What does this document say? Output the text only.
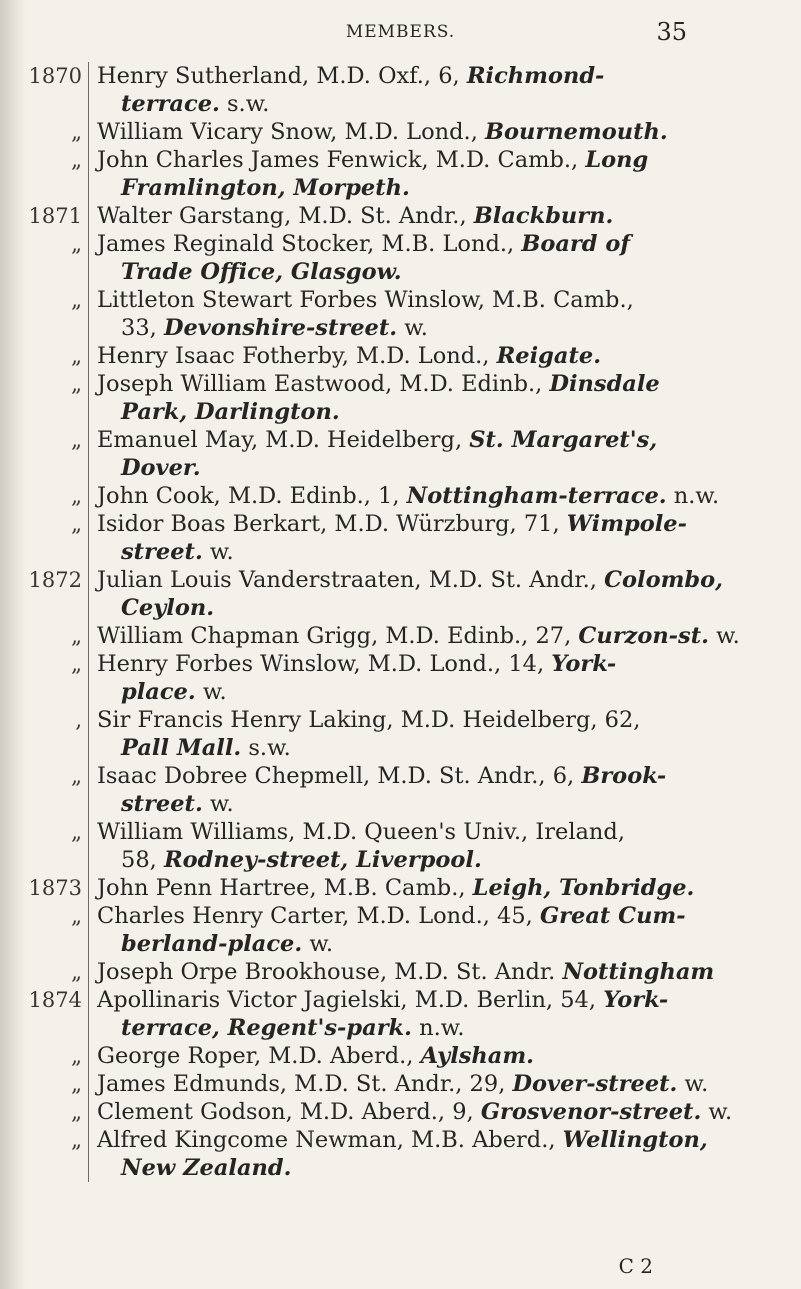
MEMBERS.	35
1870 Henry Sutherland, M.D. Oxf., 6, Richmond-
terrace. s.w.
„ William Vicary Snow, M.D. Lond., Bournemouth.
„ John Charles James Fenwick, M.D. Camb., Long
Framlington, Morpeth.
1871 Walter Garstang, M.D. St. Andr., Blackburn.
„ James Reginald Stocker, M.B. Lond., Board of
Trade Office, Glasgow.
„ Littleton Stewart Forbes Winslow, M.B. Camb.,
33, Devonshire-street. w.
„ Henry Isaac Fotherby, M.D. Lond., Reigate.
„ Joseph William Eastwood, M.D. Edinb., Dinsdale
Park, Darlington.
„ Emanuel May, M.D. Heidelberg, St. Margaret's,
Dover.
„ John Cook, M.D. Edinb., 1, Nottingham-terrace. n.w.
„ Isidor Boas Berkart, M.D. Würzburg, 71, Wimpole-
street. w.
1872 Julian Louis Vanderstraaten, M.D. St. Andr., Colombo,
Ceylon.
„ William Chapman Grigg, M.D. Edinb., 27, Curzon-st. w.
„ Henry Forbes Winslow, M.D. Lond., 14, York-
place. w.
, Sir Francis Henry Laking, M.D. Heidelberg, 62,
Pall Mall. s.w.
„ Isaac Dobree Chepmell, M.D. St. Andr., 6, Brook-
street. w.
„ William Williams, M.D. Queen's Univ., Ireland,
58, Rodney-street, Liverpool.
1873 John Penn Hartree, M.B. Camb., Leigh, Tonbridge.
„ Charles Henry Carter, M.D. Lond., 45, Great Cum-
berland-place. w.
„ Joseph Orpe Brookhouse, M.D. St. Andr. Nottingham
1874 Apollinaris Victor Jagielski, M.D. Berlin, 54, York-
terrace, Regent's-park. n.w.
„ George Roper, M.D. Aberd., Aylsham.
„ James Edmunds, M.D. St. Andr., 29, Dover-street. w.
„ Clement Godson, M.D. Aberd., 9, Grosvenor-street. w.
„ Alfred Kingcome Newman, M.B. Aberd., Wellington,
New Zealand.
C 2
